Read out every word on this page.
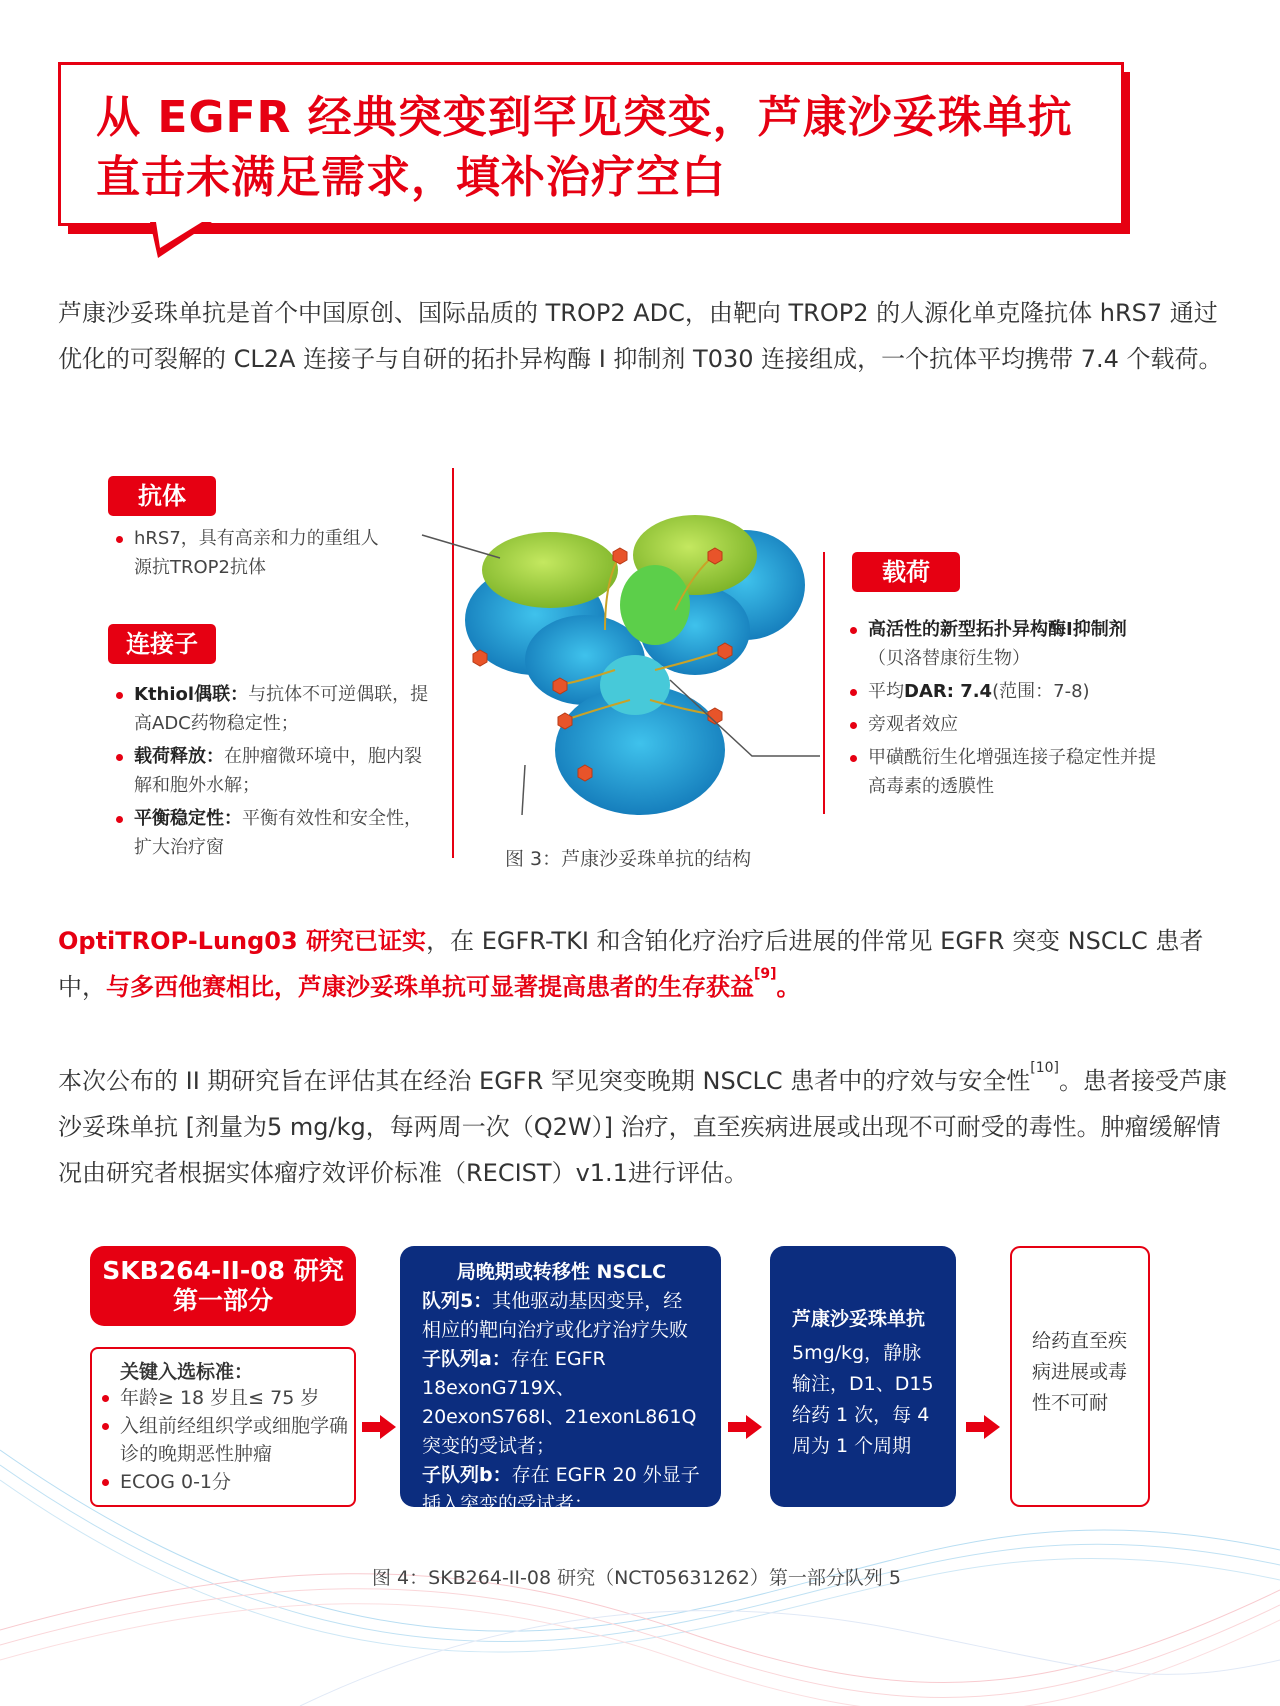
从 EGFR 经典突变到罕见突变，芦康沙妥珠单抗
直击未满足需求，填补治疗空白

芦康沙妥珠单抗是首个中国原创、国际品质的 TROP2 ADC，由靶向 TROP2 的人源化单克隆抗体 hRS7 通过优化的可裂解的 CL2A 连接子与自研的拓扑异构酶 I 抑制剂 T030 连接组成，一个抗体平均携带 7.4 个载荷。

抗体
hRS7，具有高亲和力的重组人源抗TROP2抗体
连接子
Kthiol偶联：与抗体不可逆偶联，提高ADC药物稳定性；
载荷释放：在肿瘤微环境中，胞内裂解和胞外水解；
平衡稳定性：平衡有效性和安全性，扩大治疗窗
图 3：芦康沙妥珠单抗的结构
载荷
高活性的新型拓扑异构酶I抑制剂
（贝洛替康衍生物）
平均DAR: 7.4(范围：7-8)
旁观者效应
甲磺酰衍生化增强连接子稳定性并提高毒素的透膜性

OptiTROP-Lung03 研究已证实，在 EGFR-TKI 和含铂化疗治疗后进展的伴常见 EGFR 突变 NSCLC 患者中，与多西他赛相比，芦康沙妥珠单抗可显著提高患者的生存获益[9]。

本次公布的 II 期研究旨在评估其在经治 EGFR 罕见突变晚期 NSCLC 患者中的疗效与安全性[10]。患者接受芦康沙妥珠单抗 [剂量为5 mg/kg，每两周一次（Q2W）] 治疗，直至疾病进展或出现不可耐受的毒性。肿瘤缓解情况由研究者根据实体瘤疗效评价标准（RECIST）v1.1进行评估。

SKB264-II-08 研究
第一部分
关键入选标准：
年龄≥ 18 岁且≤ 75 岁
入组前经组织学或细胞学确诊的晚期恶性肿瘤
ECOG 0-1分
局晚期或转移性 NSCLC
队列5：其他驱动基因变异，经相应的靶向治疗或化疗治疗失败
子队列a：存在 EGFR 18exonG719X、20exonS768I、21exonL861Q 突变的受试者；
子队列b：存在 EGFR 20 外显子插入突变的受试者；
芦康沙妥珠单抗
5mg/kg，静脉输注，D1、D15 给药 1 次，每 4 周为 1 个周期
给药直至疾病进展或毒性不可耐
图 4：SKB264-II-08 研究（NCT05631262）第一部分队列 5
